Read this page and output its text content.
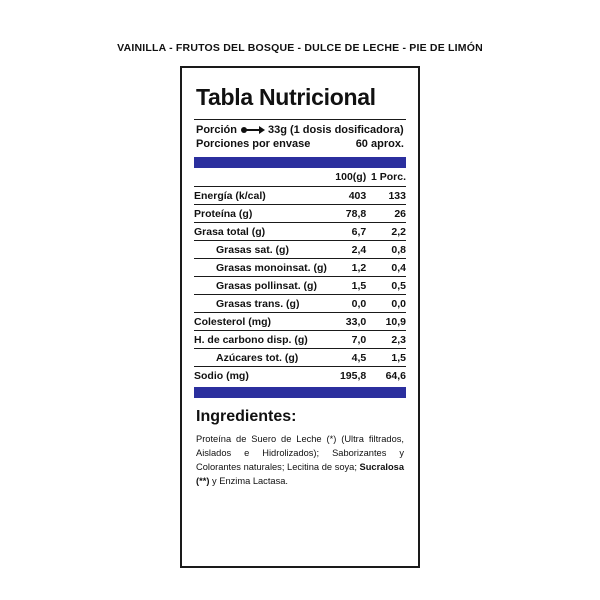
VAINILLA - FRUTOS DEL BOSQUE - DULCE DE LECHE - PIE DE LIMÓN
Tabla Nutricional
Porción	33g (1 dosis dosificadora)
Porciones por envase	60 aprox.
	100(g)	1 Porc.
Energía (k/cal)	403	133
Proteína (g)	78,8	26
Grasa total (g)	6,7	2,2
Grasas sat. (g)	2,4	0,8
Grasas monoinsat. (g)	1,2	0,4
Grasas pollinsat. (g)	1,5	0,5
Grasas trans. (g)	0,0	0,0
Colesterol (mg)	33,0	10,9
H. de carbono disp. (g)	7,0	2,3
Azúcares tot. (g)	4,5	1,5
Sodio (mg)	195,8	64,6
Ingredientes:
Proteína de Suero de Leche (*) (Ultra filtrados, Aislados e Hidrolizados); Saborizantes y Colorantes naturales; Lecitina de soya; Sucralosa (**) y Enzima Lactasa.
